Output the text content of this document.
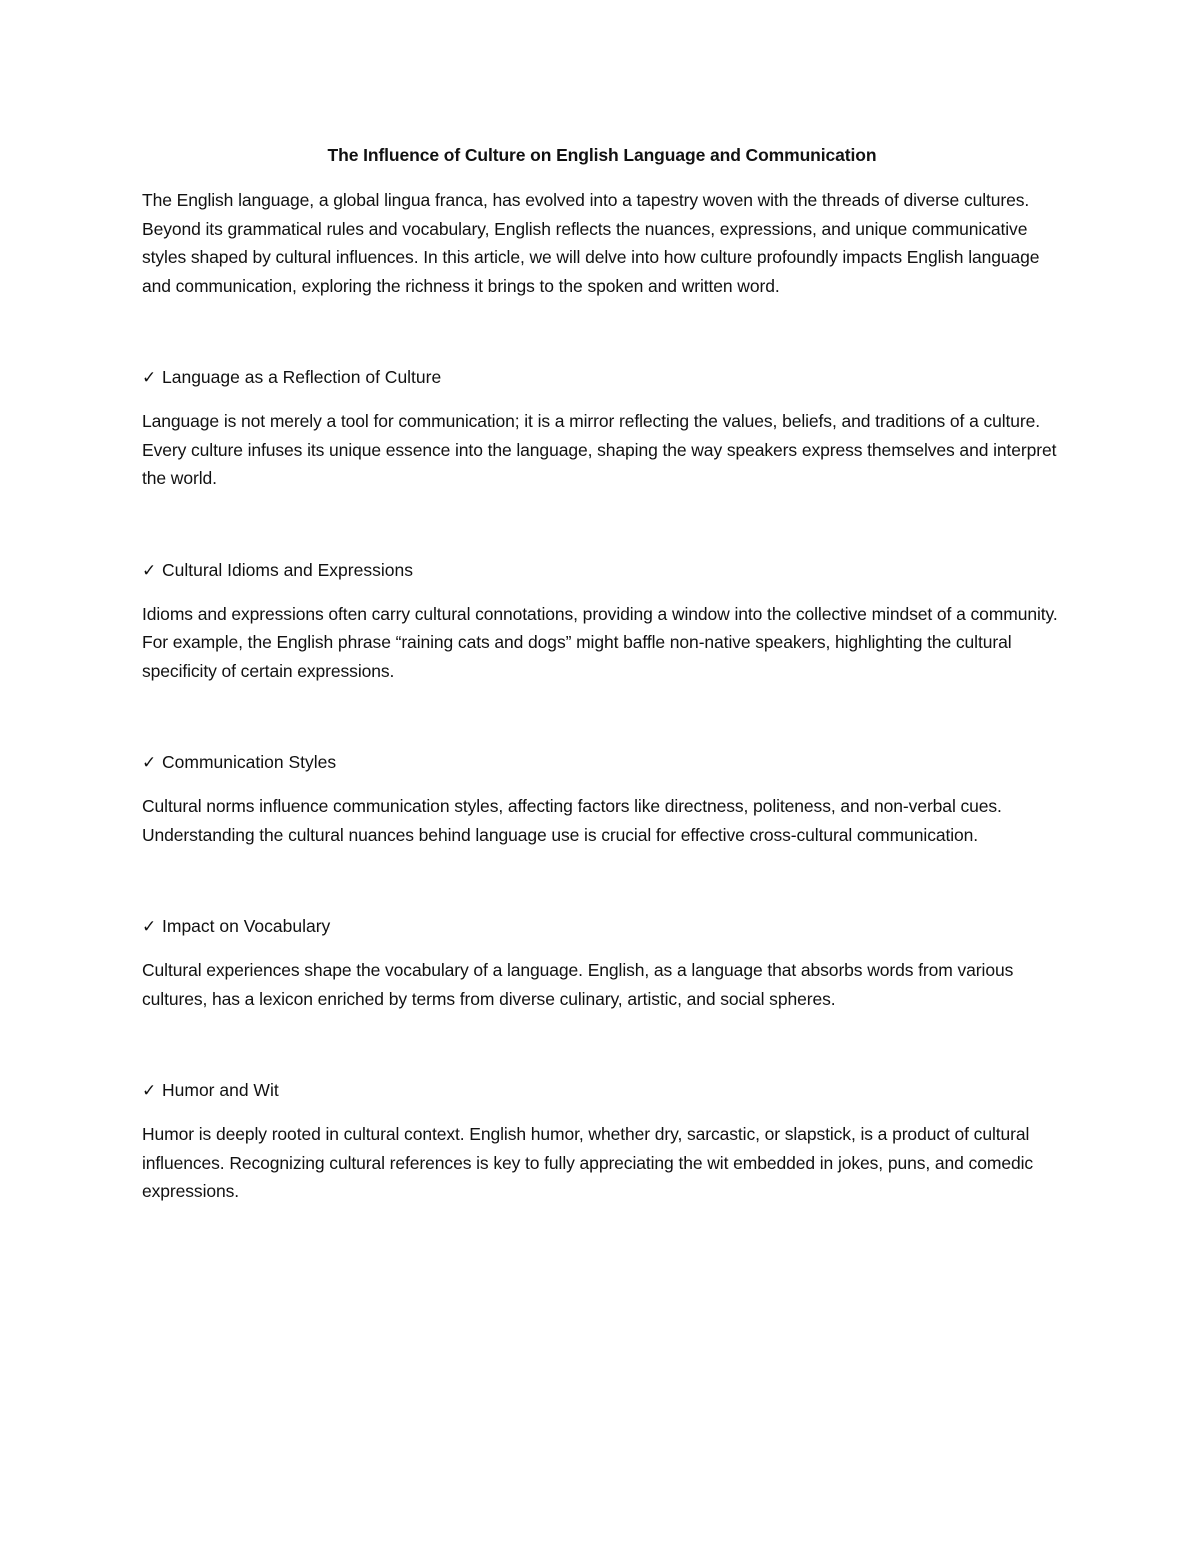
The Influence of Culture on English Language and Communication

The English language, a global lingua franca, has evolved into a tapestry woven with the threads of diverse cultures. Beyond its grammatical rules and vocabulary, English reflects the nuances, expressions, and unique communicative styles shaped by cultural influences. In this article, we will delve into how culture profoundly impacts English language and communication, exploring the richness it brings to the spoken and written word.

✓ Language as a Reflection of Culture

Language is not merely a tool for communication; it is a mirror reflecting the values, beliefs, and traditions of a culture. Every culture infuses its unique essence into the language, shaping the way speakers express themselves and interpret the world.

✓ Cultural Idioms and Expressions

Idioms and expressions often carry cultural connotations, providing a window into the collective mindset of a community. For example, the English phrase “raining cats and dogs” might baffle non-native speakers, highlighting the cultural specificity of certain expressions.

✓ Communication Styles

Cultural norms influence communication styles, affecting factors like directness, politeness, and non-verbal cues. Understanding the cultural nuances behind language use is crucial for effective cross-cultural communication.

✓ Impact on Vocabulary

Cultural experiences shape the vocabulary of a language. English, as a language that absorbs words from various cultures, has a lexicon enriched by terms from diverse culinary, artistic, and social spheres.

✓ Humor and Wit

Humor is deeply rooted in cultural context. English humor, whether dry, sarcastic, or slapstick, is a product of cultural influences. Recognizing cultural references is key to fully appreciating the wit embedded in jokes, puns, and comedic expressions.
